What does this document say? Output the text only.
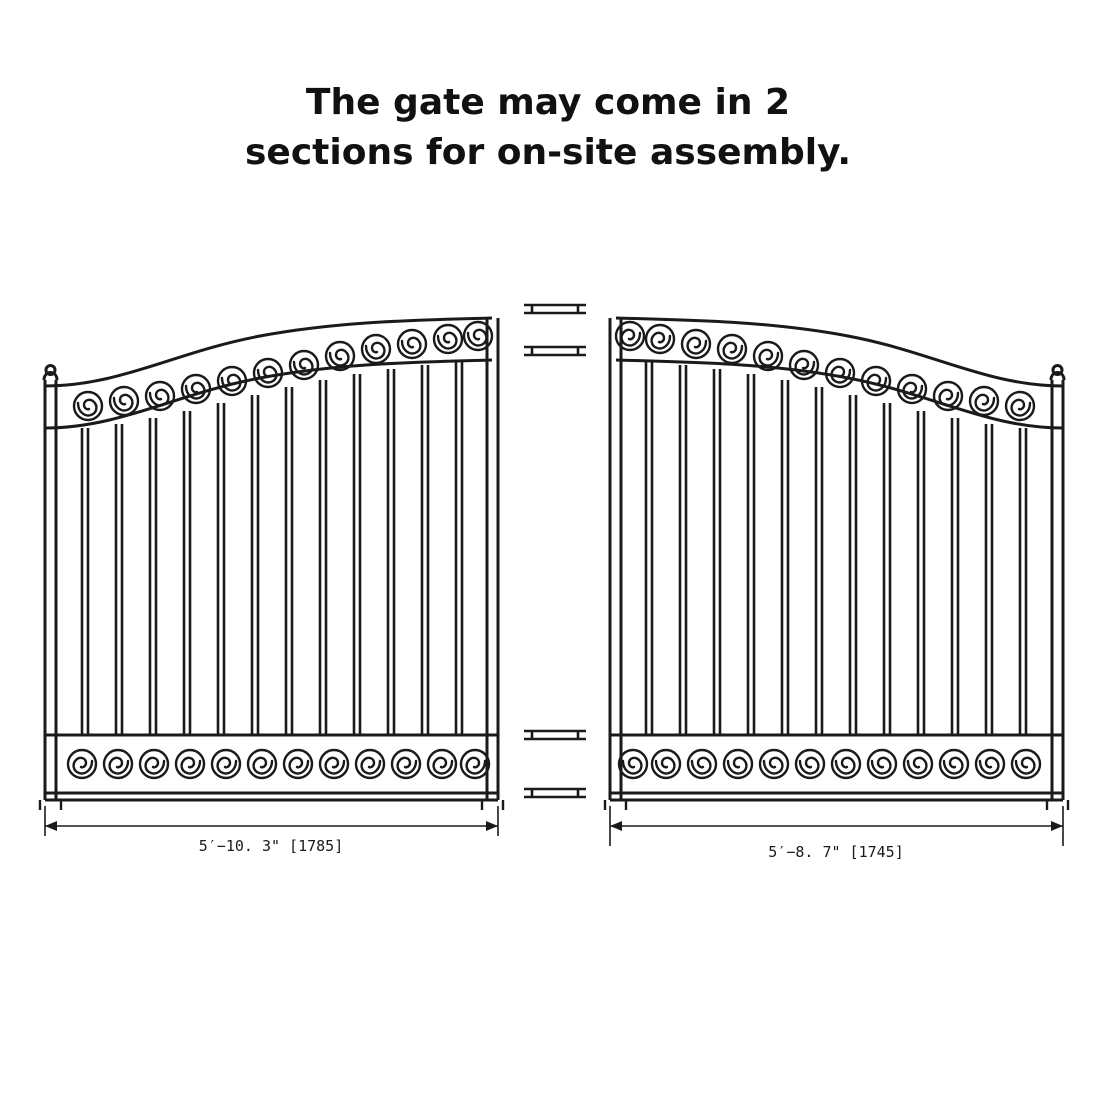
The gate may come in 2
sections for on-site assembly.
5′−10. 3" [1785]	5′−8. 7" [1745]
